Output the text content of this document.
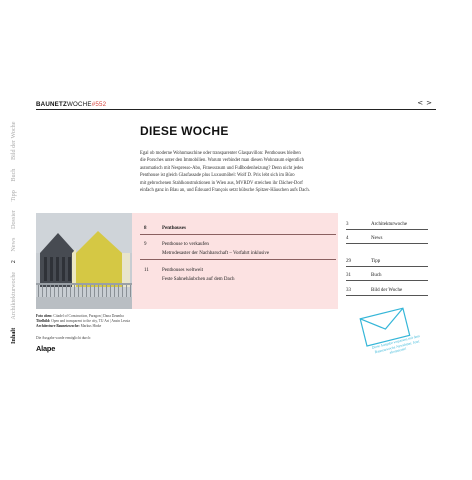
BAUNETZWOCHE#552	< >
Inhalt Archiktekturwoche 2 News Dossier Tipp Buch Bild der Woche	DIESE WOCHE
Egal ob moderne Wohnmaschine oder transparenter Glaspavillon: Penthouses bleiben
die Porsches unter den Immobilien. Warum verbindet man diesen Wohnraum eigentlich
automatisch mit Nespresso-Abo, Fitnessraum und Fußbodenheizung? Denn nicht jedes
Penthouse ist gleich Glasfassade plus Luxusmöbel: Wolf D. Prix lebt sich im Büro
mit gebrochenen Stahlkonstruktionen in Wien aus, MVRDV streichen ihr Dächer-Dorf
einfach ganz in Blau an, und Édouard François setzt hübsche Spitzer-Häuschen aufs Dach.
8	Penthouses
9	Penthouse to verkaufen
Metrodesaster der Nachbarschaft – Vorfahrt inklusive
11	Penthouses weltweit
Feste Sahnehäubchen auf dem Dach
3	Architekturwoche
4	News
29	Tipp
31	Buch
33	Bild der Woche
Foto oben: Citadel of Construction, Paragon | Dana Dzamba
Titelbild: Open and transparent to the city, TU Art | Ansin Lessia
Architecture Baunetzwoche: Markus Hinke
Die Ausgabe wurde ermöglicht durch:
Alape	Diese Ausgabe verpassen mit dem Baunetzwoche Newsletter, Jetzt abonnieren!
